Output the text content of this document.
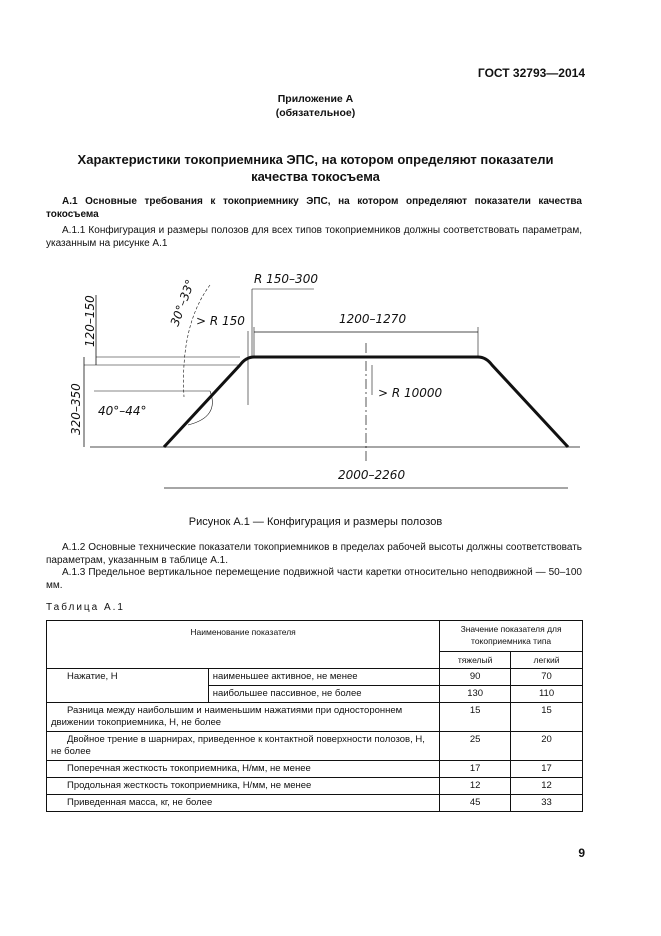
ГОСТ 32793—2014
Приложение А
(обязательное)
Характеристики токоприемника ЭПС, на котором определяют показатели
качества токосъема
А.1 Основные требования к токоприемнику ЭПС, на котором определяют показатели качества токосъема
А.1.1 Конфигурация и размеры полозов для всех типов токоприемников должны соответствовать параметрам, указанным на рисунке А.1
1200–1270
2000–2260
120–150
320–350 40°–44°
30°–33°
> R 150
R 150–300
> R 10000
Рисунок А.1 — Конфигурация и размеры полозов
А.1.2 Основные технические показатели токоприемников в пределах рабочей высоты должны соответствовать параметрам, указанным в таблице А.1.
А.1.3 Предельное вертикальное перемещение подвижной части каретки относительно неподвижной — 50–100 мм.
Таблица А.1
Наименование показателя		Значение показателя для токоприемника типа	
		тяжелый	легкий
Нажатие, Н	наименьшее активное, не менее	90	70
	наибольшее пассивное, не более	130	110
Разница между наибольшим и наименьшим нажатиями при одностороннем движении токоприемника, Н, не более		15	15
Двойное трение в шарнирах, приведенное к контактной поверхности полозов, Н, не более		25	20
Поперечная жесткость токоприемника, Н/мм, не менее		17	17
Продольная жесткость токоприемника, Н/мм, не менее		12	12
Приведенная масса, кг, не более		45	33
9
